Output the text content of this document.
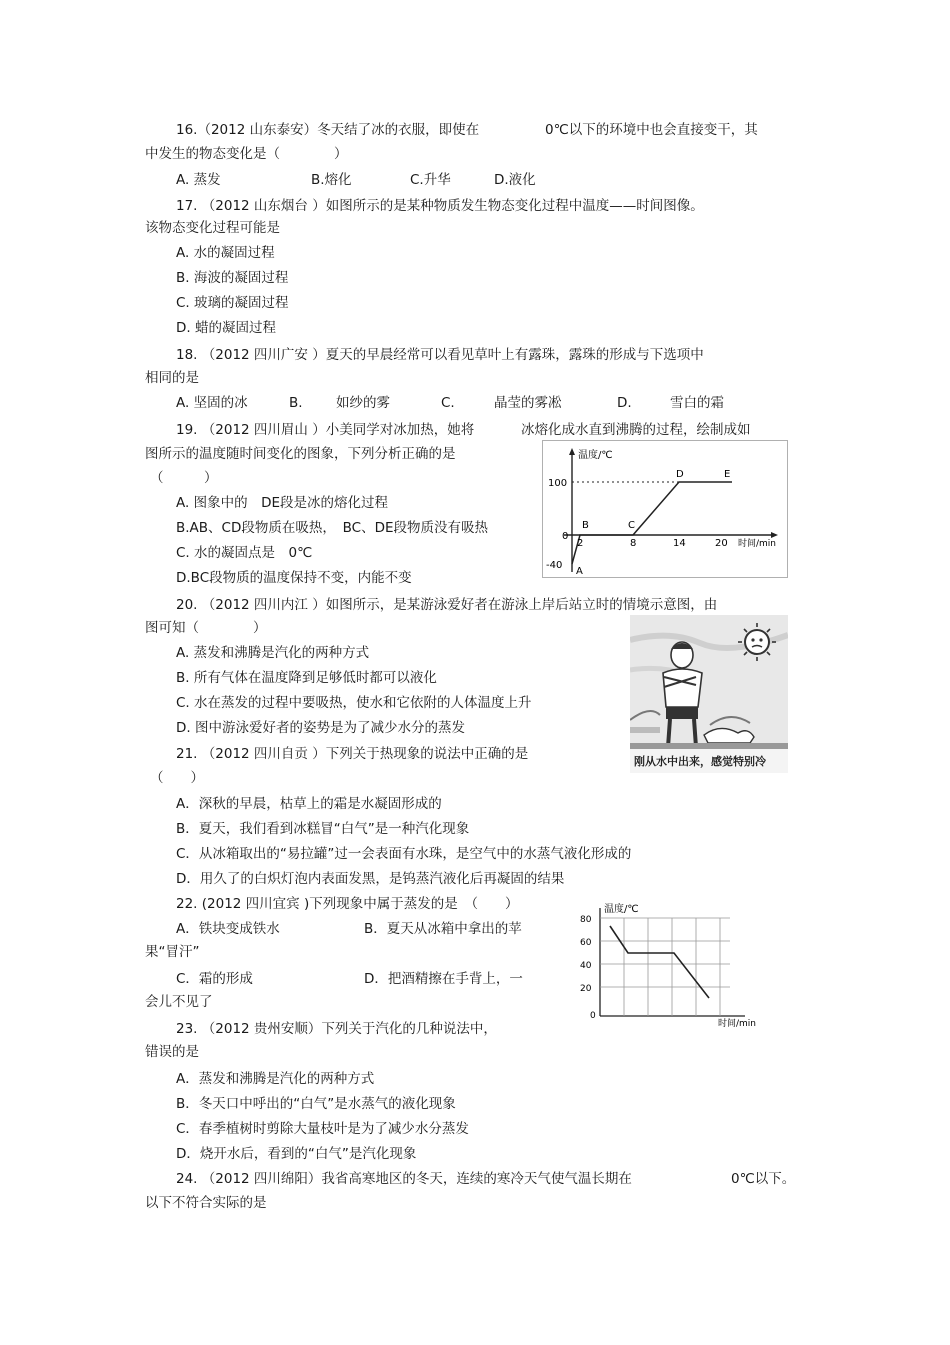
16.（2012 山东泰安）冬天结了冰的衣服，即使在	0℃以下的环境中也会直接变干，其
中发生的物态变化是（　　　　）
A. 蒸发	B.熔化	C.升华	D.液化
17. （2012 山东烟台 ）如图所示的是某种物质发生物态变化过程中温度——时间图像。
该物态变化过程可能是
A. 水的凝固过程
B. 海波的凝固过程
C. 玻璃的凝固过程
D. 蜡的凝固过程
18. （2012 四川广安 ）夏天的早晨经常可以看见草叶上有露珠，露珠的形成与下选项中
相同的是
A. 坚固的冰	B. 如纱的雾	C.	晶莹的雾凇	D.	雪白的霜
19. （2012 四川眉山 ）小美同学对冰加热，她将	冰熔化成水直到沸腾的过程，绘制成如
图所示的温度随时间变化的图象，下列分析正确的是
（　　　）
A. 图象中的　DE段是冰的熔化过程
B.AB、CD段物质在吸热，　BC、DE段物质没有吸热
C. 水的凝固点是　0℃
D.BC段物质的温度保持不变，内能不变
温度/℃
时间/min
100
0
-40
2	8	14	20
A
B	C
D	E
20. （2012 四川内江 ）如图所示，是某游泳爱好者在游泳上岸后站立时的情境示意图，由
图可知（　　　　）
A. 蒸发和沸腾是汽化的两种方式
B. 所有气体在温度降到足够低时都可以液化
C. 水在蒸发的过程中要吸热，使水和它依附的人体温度上升
D. 图中游泳爱好者的姿势是为了减少水分的蒸发
刚从水中出来，感觉特别冷
21. （2012 四川自贡 ）下列关于热现象的说法中正确的是
（　　）
A．深秋的早晨，枯草上的霜是水凝固形成的
B．夏天，我们看到冰糕冒“白气”是一种汽化现象
C．从冰箱取出的“易拉罐”过一会表面有水珠，是空气中的水蒸气液化形成的
D．用久了的白炽灯泡内表面发黑，是钨蒸汽液化后再凝固的结果
22. (2012 四川宜宾 )下列现象中属于蒸发的是　（　　）
A．铁块变成铁水	B．夏天从冰箱中拿出的苹
果“冒汗”
C．霜的形成	D．把酒精擦在手背上，一
会儿不见了
温度/℃
时间/min
80
60
40
20
0
23. （2012 贵州安顺）下列关于汽化的几种说法中，
错误的是
A．蒸发和沸腾是汽化的两种方式
B．冬天口中呼出的“白气”是水蒸气的液化现象
C．春季植树时剪除大量枝叶是为了减少水分蒸发
D．烧开水后，看到的“白气”是汽化现象
24. （2012 四川绵阳）我省高寒地区的冬天，连续的寒冷天气使气温长期在	0℃以下。
以下不符合实际的是
